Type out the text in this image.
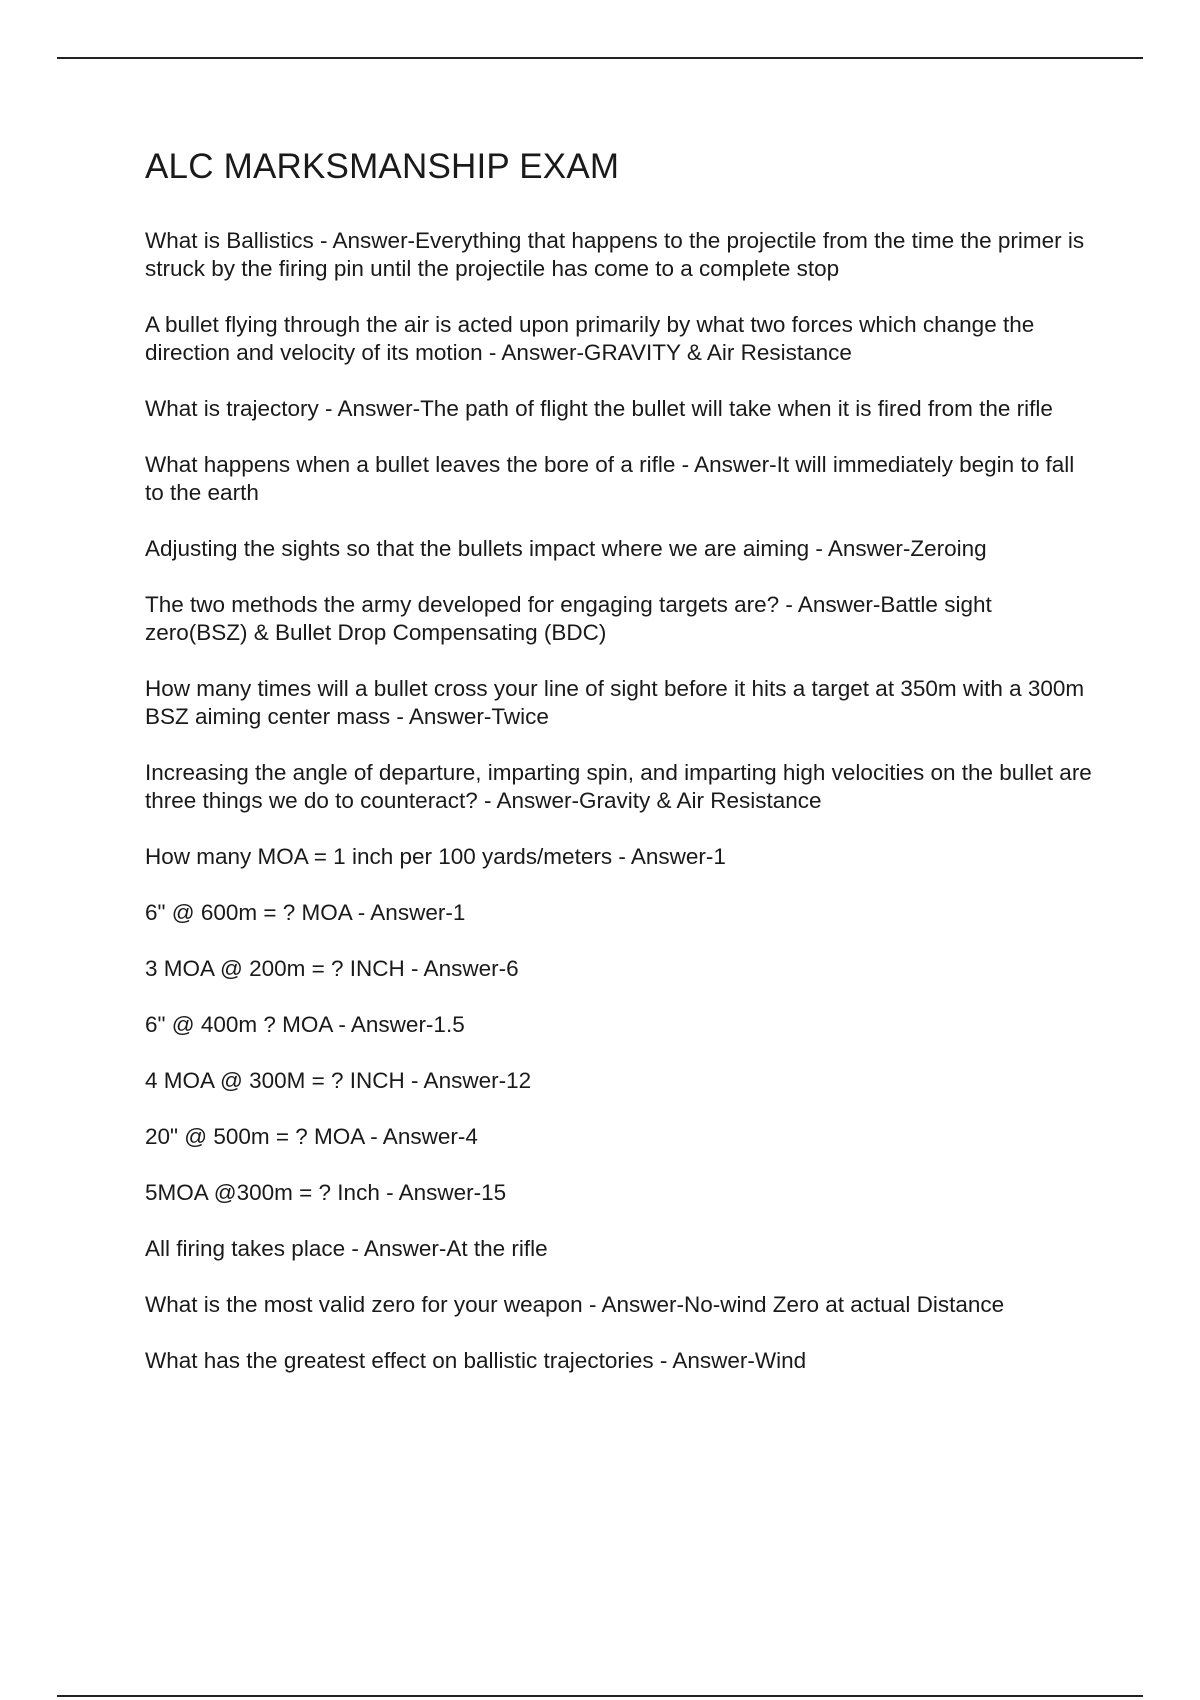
ALC MARKSMANSHIP EXAM
What is Ballistics - Answer-Everything that happens to the projectile from the time the primer is struck by the firing pin until the projectile has come to a complete stop
A bullet flying through the air is acted upon primarily by what two forces which change the direction and velocity of its motion - Answer-GRAVITY & Air Resistance
What is trajectory - Answer-The path of flight the bullet will take when it is fired from the rifle
What happens when a bullet leaves the bore of a rifle - Answer-It will immediately begin to fall to the earth
Adjusting the sights so that the bullets impact where we are aiming - Answer-Zeroing
The two methods the army developed for engaging targets are? - Answer-Battle sight zero(BSZ) & Bullet Drop Compensating (BDC)
How many times will a bullet cross your line of sight before it hits a target at 350m with a 300m BSZ aiming center mass - Answer-Twice
Increasing the angle of departure, imparting spin, and imparting high velocities on the bullet are three things we do to counteract? - Answer-Gravity & Air Resistance
How many MOA = 1 inch per 100 yards/meters - Answer-1
6" @ 600m = ? MOA - Answer-1
3 MOA @ 200m = ? INCH - Answer-6
6" @ 400m ? MOA - Answer-1.5
4 MOA @ 300M = ? INCH - Answer-12
20" @ 500m = ? MOA - Answer-4
5MOA @300m = ? Inch - Answer-15
All firing takes place - Answer-At the rifle
What is the most valid zero for your weapon - Answer-No-wind Zero at actual Distance
What has the greatest effect on ballistic trajectories - Answer-Wind
